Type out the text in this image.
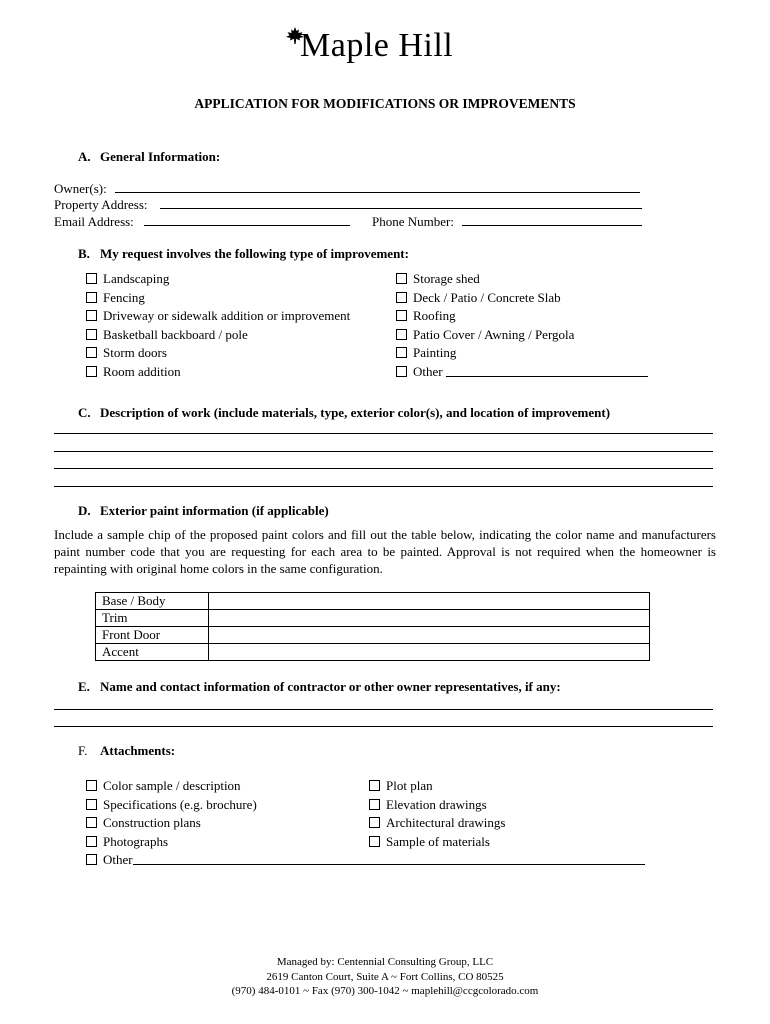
Maple Hill
APPLICATION FOR MODIFICATIONS OR IMPROVEMENTS
A. General Information:
Owner(s):
Property Address:
Email Address:	Phone Number:
B. My request involves the following type of improvement:
Landscaping
Fencing
Driveway or sidewalk addition or improvement
Basketball backboard / pole
Storm doors
Room addition
Storage shed
Deck / Patio / Concrete Slab
Roofing
Patio Cover / Awning / Pergola
Painting
Other
C. Description of work (include materials, type, exterior color(s), and location of improvement)
D. Exterior paint information (if applicable)
Include a sample chip of the proposed paint colors and fill out the table below, indicating the color name and manufacturers paint number code that you are requesting for each area to be painted. Approval is not required when the homeowner is repainting with original home colors in the same configuration.
Base / Body	
Trim	
Front Door	
Accent	
E. Name and contact information of contractor or other owner representatives, if any:
F. Attachments:
Color sample / description
Specifications (e.g. brochure)
Construction plans
Photographs
Other
Plot plan
Elevation drawings
Architectural drawings
Sample of materials
Managed by: Centennial Consulting Group, LLC
2619 Canton Court, Suite A ~ Fort Collins, CO 80525
(970) 484-0101 ~ Fax (970) 300-1042 ~ maplehill@ccgcolorado.com
